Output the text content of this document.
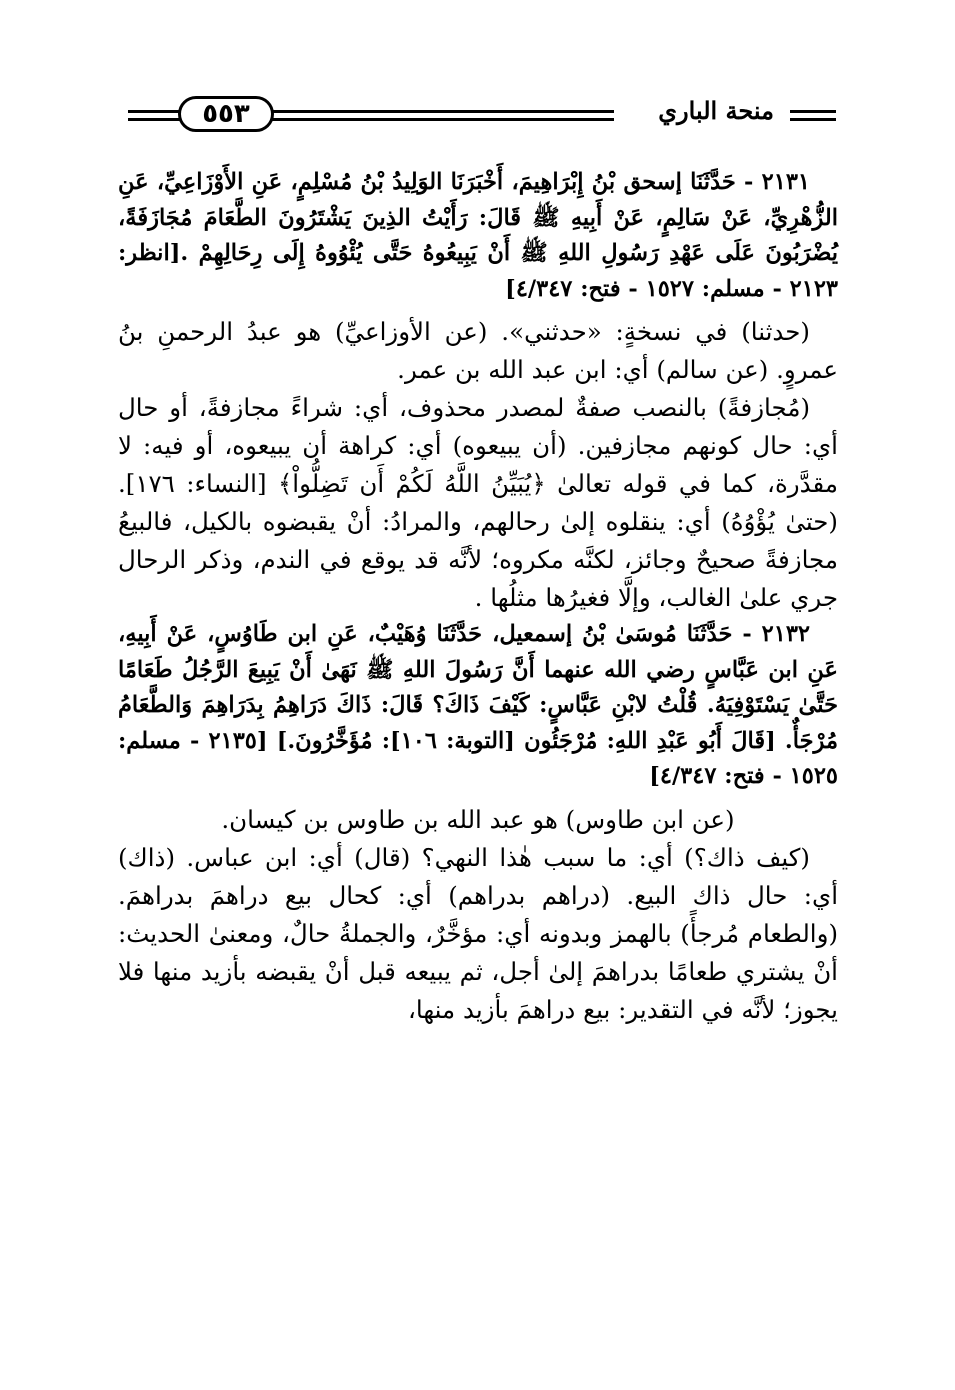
٥٥٣	منحة الباري

٢١٣١ - حَدَّثَنَا إسحق بْنُ إِبْرَاهِيمَ، أَخْبَرَنَا الوَلِيدُ بْنُ مُسْلِمٍ، عَنِ الأَوْزَاعِيِّ، عَنِ الزُّهْرِيِّ، عَنْ سَالِمٍ، عَنْ أَبِيهِ ﷺ قَالَ: رَأَيْتُ الذِينَ يَشْتَرُونَ الطَّعَامَ مُجَازَفَةً، يُضْرَبُونَ عَلَى عَهْدِ رَسُولِ اللهِ ﷺ أَنْ يَبِيعُوهُ حَتَّى يُئْوُوهُ إِلَى رِحَالِهِمْ .[انظر: ٢١٢٣ - مسلم: ١٥٢٧ - فتح: ٤/٣٤٧]

(حدثنا) في نسخةٍ: «حدثني». (عن الأوزاعيِّ) هو عبدُ الرحمنِ بنُ عمروٍ. (عن سالم) أي: ابن عبد الله بن عمر.

(مُجازفةً) بالنصب صفةٌ لمصدر محذوف، أي: شراءً مجازفةً، أو حال أي: حال كونهم مجازفين. (أن يبيعوه) أي: كراهة أن يبيعوه، أو فيه: لا مقدَّرة، كما في قوله تعالىٰ ﴿يُبَيِّنُ اللَّهُ لَكُمْ أَن تَضِلُّواْ﴾ [النساء: ١٧٦]. (حتىٰ يُؤْوُهُ) أي: ينقلوه إلىٰ رحالهم، والمرادُ: أنْ يقبضوه بالكيل، فالبيعُ مجازفةً صحيحٌ وجائز، لكنَّه مكروه؛ لأنَّه قد يوقع في الندم، وذكر الرحال جري علىٰ الغالب، وإلَّا فغيرُها مثلُها .

٢١٣٢ - حَدَّثَنَا مُوسَىٰ بْنُ إسمعيل، حَدَّثَنَا وُهَيْبٌ، عَنِ ابن طَاوُسٍ، عَنْ أَبِيهِ، عَنِ ابن عَبَّاسٍ رضي الله عنهما أَنَّ رَسُولَ اللهِ ﷺ نَهَىٰ أَنْ يَبِيعَ الرَّجُلُ طَعَامًا حَتَّىٰ يَسْتَوْفِيَهُ. قُلْتُ لابْنِ عَبَّاسٍ: كَيْفَ ذَاكَ؟ قَالَ: ذَاكَ دَرَاهِمُ بِدَرَاهِمَ وَالطَّعَامُ مُرْجَأٌ. [قَالَ أَبُو عَبْدِ اللهِ: مُرْجَئُون [التوبة: ١٠٦]: مُؤَخَّرُونَ.] [٢١٣٥ - مسلم: ١٥٢٥ - فتح: ٤/٣٤٧]

(عن ابن طاوس) هو عبد الله بن طاوس بن كيسان.

(كيف ذاك؟) أي: ما سبب هٰذا النهي؟ (قال) أي: ابن عباس. (ذاك) أي: حال ذاك البيع. (دراهم بدراهم) أي: كحال بيع دراهمَ بدراهمَ. (والطعام مُرجأً) بالهمز وبدونه أي: مؤخَّرٌ، والجملةُ حالٌ، ومعنىٰ الحديث: أنْ يشتري طعامًا بدراهمَ إلىٰ أجل، ثم يبيعه قبل أنْ يقبضه بأزيد منها فلا يجوز؛ لأنَّه في التقدير: بيع دراهمَ بأزيد منها،
